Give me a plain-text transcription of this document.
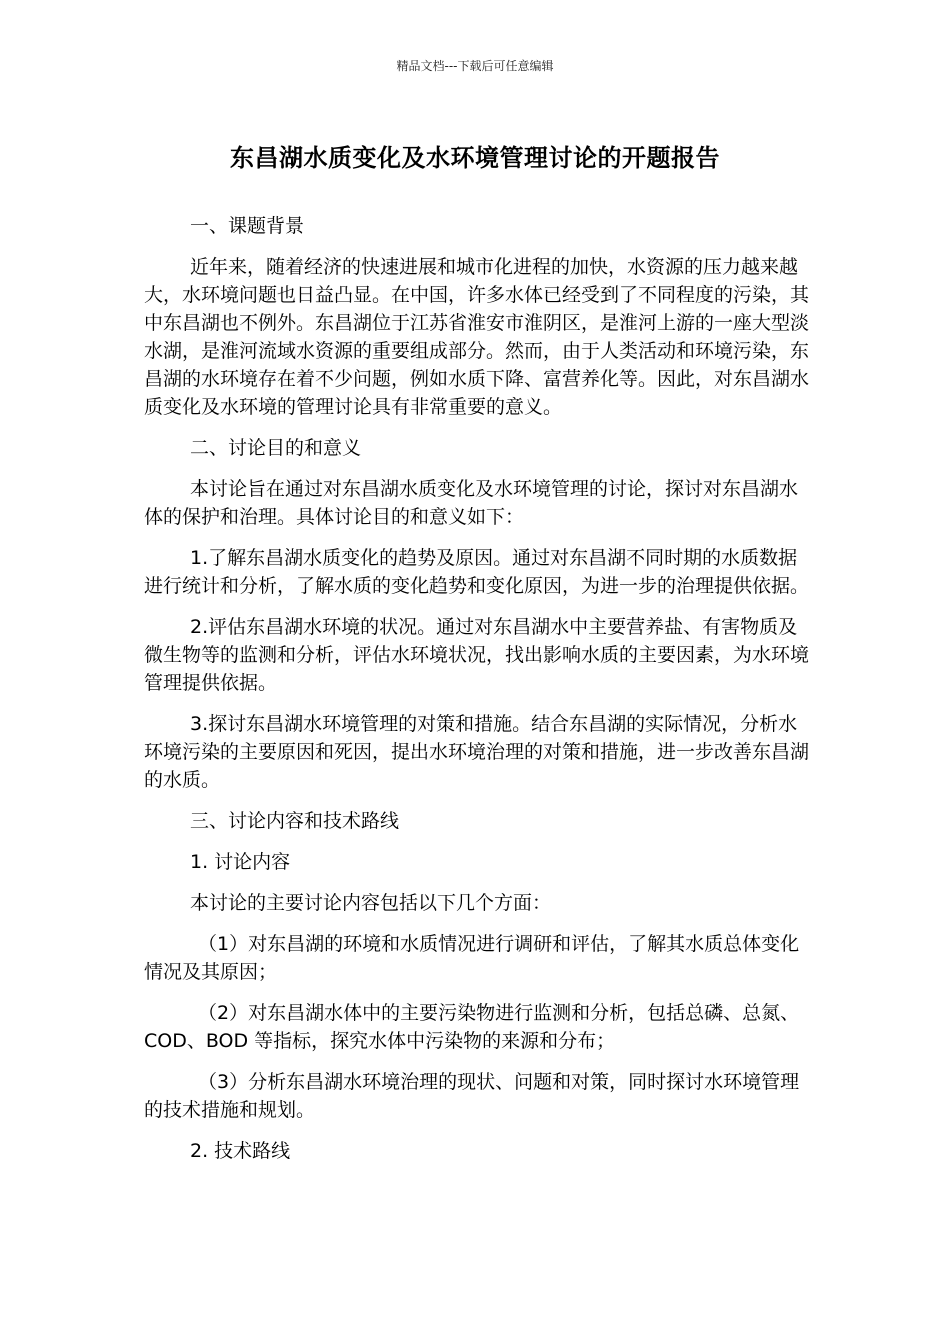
精品文档---下载后可任意编辑
东昌湖水质变化及水环境管理讨论的开题报告

一、课题背景

近年来，随着经济的快速进展和城市化进程的加快，水资源的压力越来越大，水环境问题也日益凸显。在中国，许多水体已经受到了不同程度的污染，其中东昌湖也不例外。东昌湖位于江苏省淮安市淮阴区，是淮河上游的一座大型淡水湖，是淮河流域水资源的重要组成部分。然而，由于人类活动和环境污染，东昌湖的水环境存在着不少问题，例如水质下降、富营养化等。因此，对东昌湖水质变化及水环境的管理讨论具有非常重要的意义。

二、讨论目的和意义

本讨论旨在通过对东昌湖水质变化及水环境管理的讨论，探讨对东昌湖水体的保护和治理。具体讨论目的和意义如下：

1.了解东昌湖水质变化的趋势及原因。通过对东昌湖不同时期的水质数据进行统计和分析，了解水质的变化趋势和变化原因，为进一步的治理提供依据。

2.评估东昌湖水环境的状况。通过对东昌湖水中主要营养盐、有害物质及微生物等的监测和分析，评估水环境状况，找出影响水质的主要因素，为水环境管理提供依据。

3.探讨东昌湖水环境管理的对策和措施。结合东昌湖的实际情况，分析水环境污染的主要原因和死因，提出水环境治理的对策和措施，进一步改善东昌湖的水质。

三、讨论内容和技术路线

1. 讨论内容

本讨论的主要讨论内容包括以下几个方面：

（1）对东昌湖的环境和水质情况进行调研和评估，了解其水质总体变化情况及其原因；

（2）对东昌湖水体中的主要污染物进行监测和分析，包括总磷、总氮、COD、BOD 等指标，探究水体中污染物的来源和分布；

（3）分析东昌湖水环境治理的现状、问题和对策，同时探讨水环境管理的技术措施和规划。

2. 技术路线
